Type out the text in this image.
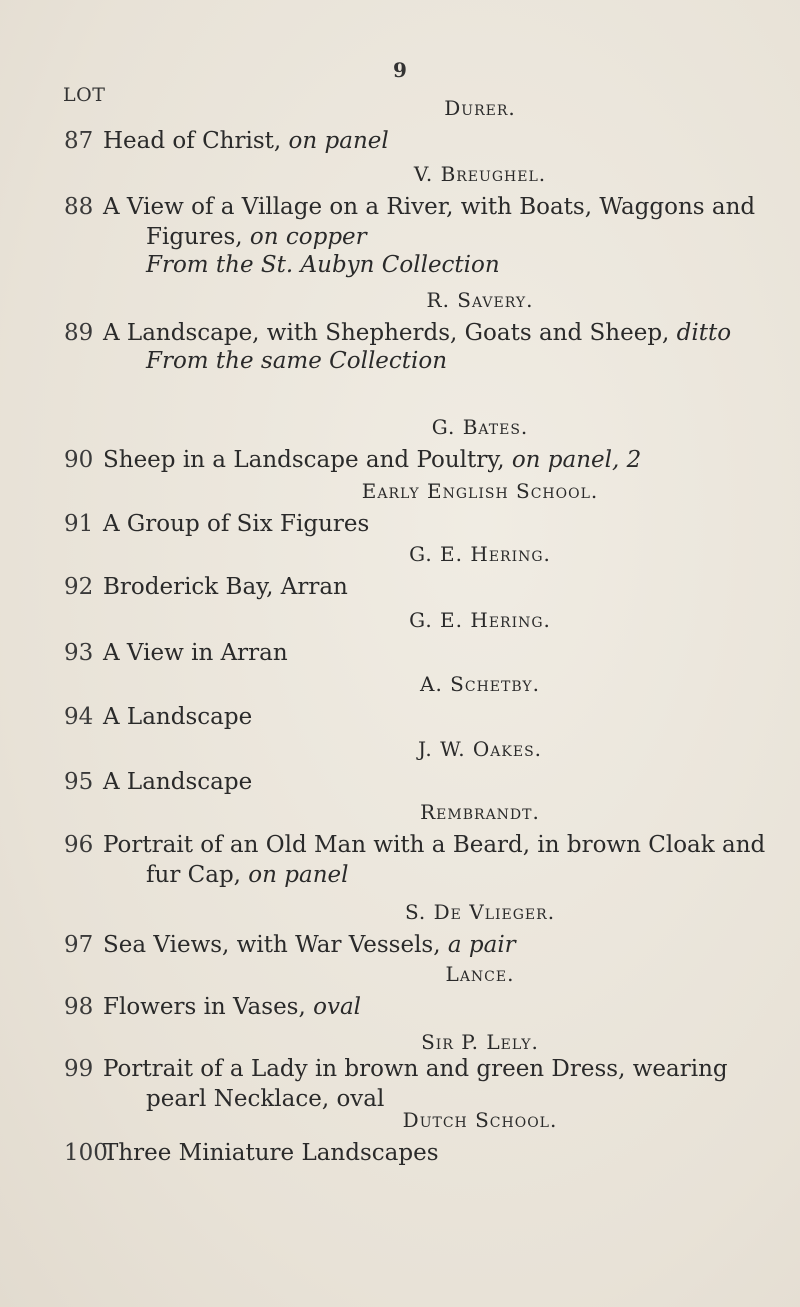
9
LOT
Durer.
87 Head of Christ, on panel
V. Breughel.
88 A View of a Village on a River, with Boats, Waggons and
Figures, on copper
From the St. Aubyn Collection
R. Savery.
89 A Landscape, with Shepherds, Goats and Sheep, ditto
From the same Collection
G. Bates.
90 Sheep in a Landscape and Poultry, on panel, 2
Early English School.
91 A Group of Six Figures
G. E. Hering.
92 Broderick Bay, Arran
G. E. Hering.
93 A View in Arran
A. Schetby.
94 A Landscape
J. W. Oakes.
95 A Landscape
Rembrandt.
96 Portrait of an Old Man with a Beard, in brown Cloak and
fur Cap, on panel
S. De Vlieger.
97 Sea Views, with War Vessels, a pair
Lance.
98 Flowers in Vases, oval
Sir P. Lely.
99 Portrait of a Lady in brown and green Dress, wearing
pearl Necklace, oval
Dutch School.
100
Three Miniature Landscapes
